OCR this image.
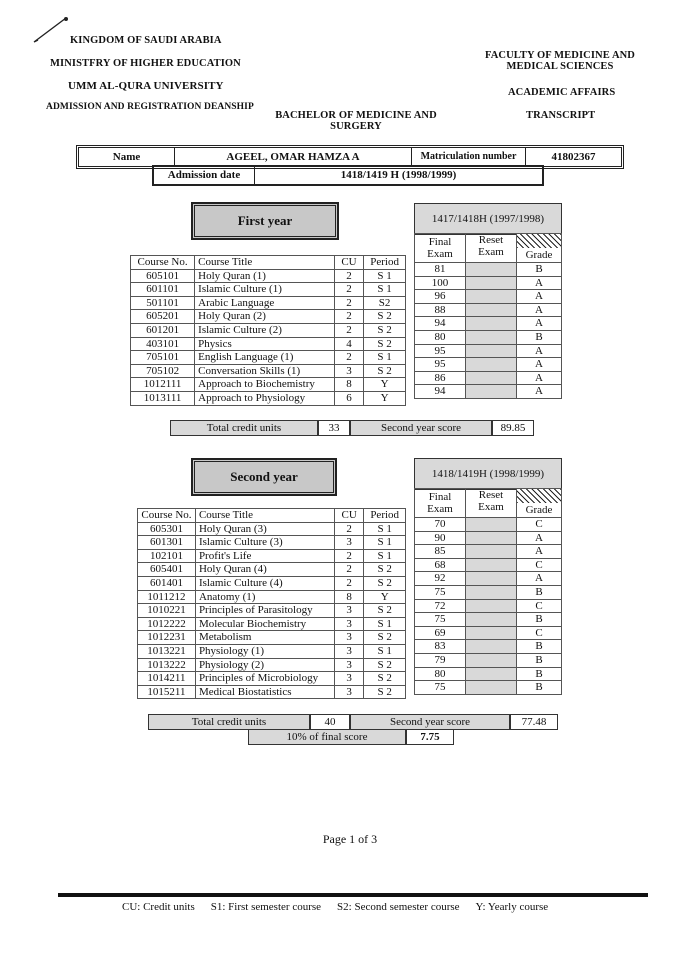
KINGDOM OF SAUDI ARABIA
MINISTFRY OF HIGHER EDUCATION
UMM AL-QURA UNIVERSITY
ADMISSION AND REGISTRATION DEANSHIP
BACHELOR OF MEDICINE AND SURGERY
FACULTY OF MEDICINE AND MEDICAL SCIENCES
ACADEMIC AFFAIRS
TRANSCRIPT
Name	AGEEL, OMAR HAMZA A	Matriculation number	41802367
Admission date	1418/1419 H (1998/1999)
First year	1417/1418H (1997/1998)
Course No.	Course Title	CU	Period
605101	Holy Quran (1)	2	S 1
601101	Islamic Culture (1)	2	S 1
501101	Arabic Language	2	S2
605201	Holy Quran (2)	2	S 2
601201	Islamic Culture (2)	2	S 2
403101	Physics	4	S 2
705101	English Language (1)	2	S 1
705102	Conversation Skills (1)	3	S 2
1012111	Approach to Biochemistry	8	Y
1013111	Approach to Physiology	6	Y
Final Exam	Reset Exam	Grade

81		B
100		A
96		A
88		A
94		A
80		B
95		A
95		A
86		A
94		A
Total credit units	33	Second year score	89.85
Second year	1418/1419H (1998/1999)
Course No.	Course Title	CU	Period
605301	Holy Quran (3)	2	S 1
601301	Islamic Culture (3)	3	S 1
102101	Profit's Life	2	S 1
605401	Holy Quran (4)	2	S 2
601401	Islamic Culture (4)	2	S 2
1011212	Anatomy (1)	8	Y
1010221	Principles of Parasitology	3	S 2
1012222	Molecular Biochemistry	3	S 1
1012231	Metabolism	3	S 2
1013221	Physiology (1)	3	S 1
1013222	Physiology (2)	3	S 2
1014211	Principles of Microbiology	3	S 2
1015211	Medical Biostatistics	3	S 2
Final Exam	Reset Exam	Grade

70		C
90		A
85		A
68		C
92		A
75		B
72		C
75		B
69		C
83		B
79		B
80		B
75		B
Total credit units	40	Second year score	77.48
10% of final score	7.75
Page 1 of 3
CU: Credit units S1: First semester course S2: Second semester course Y: Yearly course
